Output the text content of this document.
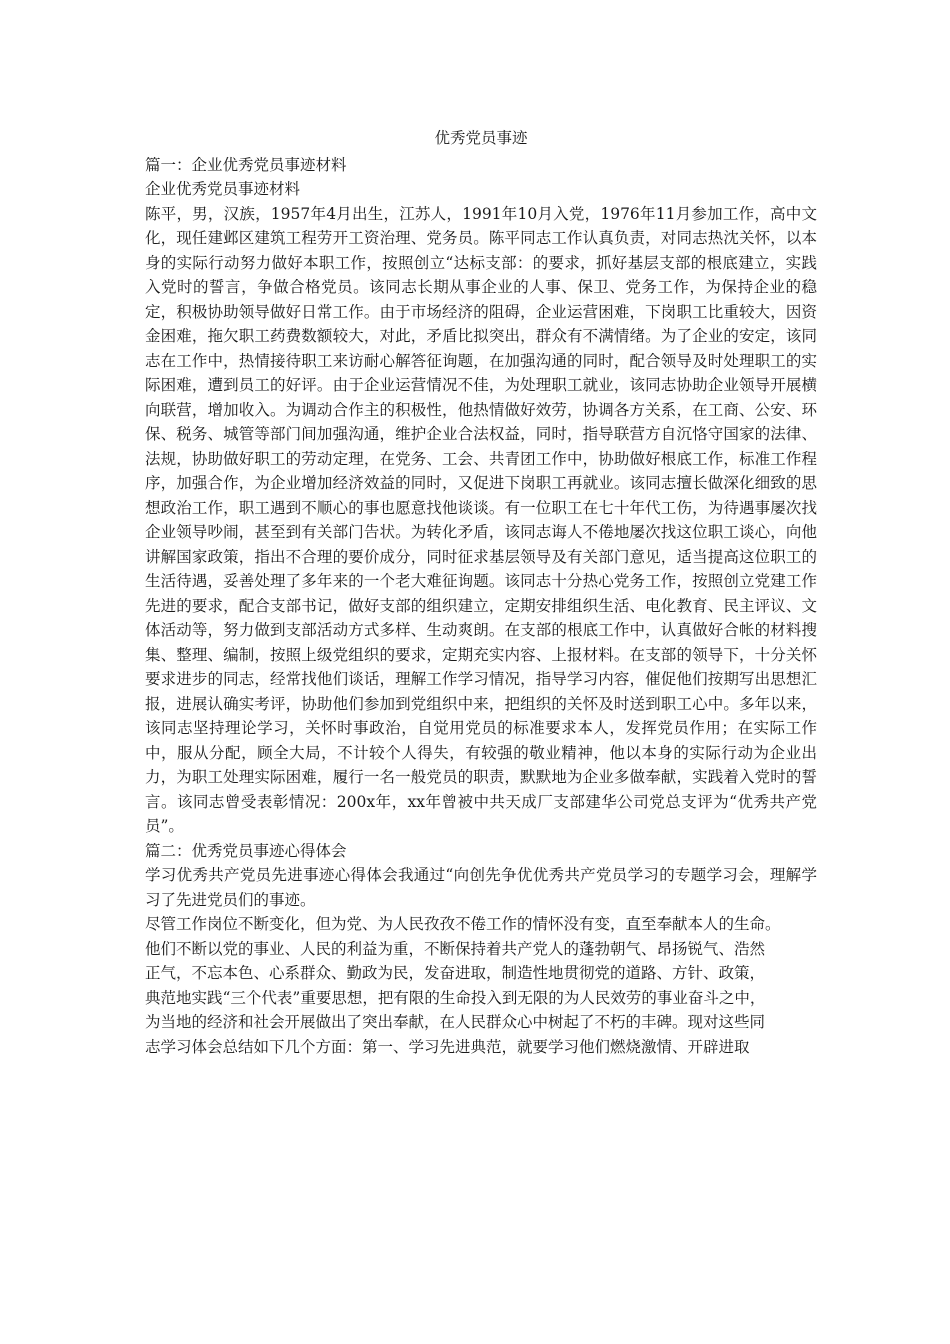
优秀党员事迹
篇一：企业优秀党员事迹材料
企业优秀党员事迹材料

陈平，男，汉族，1957年4月出生，江苏人，1991年10月入党，1976年11月参加工作，高中文化，现任建邺区建筑工程劳开工资治理、党务员。陈平同志工作认真负责，对同志热沈关怀，以本身的实际行动努力做好本职工作，按照创立“达标支部：的要求，抓好基层支部的根底建立，实践入党时的誓言，争做合格党员。该同志长期从事企业的人事、保卫、党务工作，为保持企业的稳定，积极协助领导做好日常工作。由于市场经济的阻碍，企业运营困难，下岗职工比重较大，因资金困难，拖欠职工药费数额较大，对此，矛盾比拟突出，群众有不满情绪。为了企业的安定，该同志在工作中，热情接待职工来访耐心解答征询题，在加强沟通的同时，配合领导及时处理职工的实际困难，遭到员工的好评。由于企业运营情况不佳，为处理职工就业，该同志协助企业领导开展横向联营，增加收入。为调动合作主的积极性，他热情做好效劳，协调各方关系，在工商、公安、环保、税务、城管等部门间加强沟通，维护企业合法权益，同时，指导联营方自沉恪守国家的法律、法规，协助做好职工的劳动定理，在党务、工会、共青团工作中，协助做好根底工作，标准工作程序，加强合作，为企业增加经济效益的同时，又促进下岗职工再就业。该同志擅长做深化细致的思想政治工作，职工遇到不顺心的事也愿意找他谈谈。有一位职工在七十年代工伤，为待遇事屡次找企业领导吵闹，甚至到有关部门告状。为转化矛盾，该同志诲人不倦地屡次找这位职工谈心，向他讲解国家政策，指出不合理的要价成分，同时征求基层领导及有关部门意见，适当提高这位职工的生活待遇，妥善处理了多年来的一个老大难征询题。该同志十分热心党务工作，按照创立党建工作先进的要求，配合支部书记，做好支部的组织建立，定期安排组织生活、电化教育、民主评议、文体活动等，努力做到支部活动方式多样、生动爽朗。在支部的根底工作中，认真做好合帐的材料搜集、整理、编制，按照上级党组织的要求，定期充实内容、上报材料。在支部的领导下，十分关怀要求进步的同志，经常找他们谈话，理解工作学习情况，指导学习内容，催促他们按期写出思想汇报，进展认确实考评，协助他们参加到党组织中来，把组织的关怀及时送到职工心中。多年以来，该同志坚持理论学习，关怀时事政治，自觉用党员的标准要求本人，发挥党员作用；在实际工作中，服从分配，顾全大局，不计较个人得失，有较强的敬业精神，他以本身的实际行动为企业出力，为职工处理实际困难，履行一名一般党员的职责，默默地为企业多做奉献，实践着入党时的誓言。该同志曾受表彰情况：200x年，xx年曾被中共天成厂支部建华公司党总支评为“优秀共产党员”。

篇二：优秀党员事迹心得体会

学习优秀共产党员先进事迹心得体会我通过“向创先争优优秀共产党员学习的专题学习会，理解学习了先进党员们的事迹。

尽管工作岗位不断变化，但为党、为人民孜孜不倦工作的情怀没有变，直至奉献本人的生命。

他们不断以党的事业、人民的利益为重，不断保持着共产党人的蓬勃朝气、昂扬锐气、浩然

正气，不忘本色、心系群众、勤政为民，发奋进取，制造性地贯彻党的道路、方针、政策，

典范地实践“三个代表”重要思想，把有限的生命投入到无限的为人民效劳的事业奋斗之中，

为当地的经济和社会开展做出了突出奉献，在人民群众心中树起了不朽的丰碑。现对这些同

志学习体会总结如下几个方面：第一、学习先进典范，就要学习他们燃烧激情、开辟进取
